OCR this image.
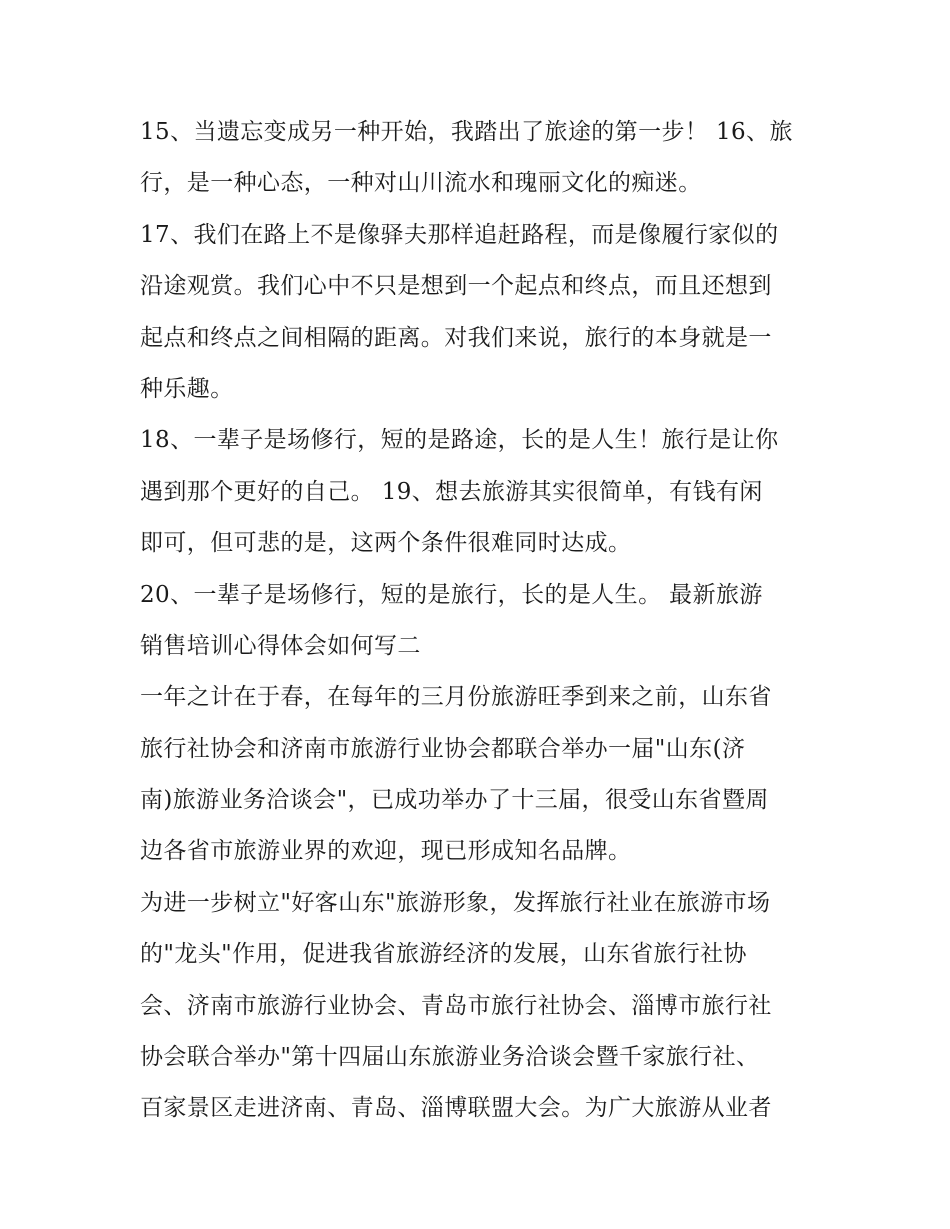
15、当遗忘变成另一种开始，我踏出了旅途的第一步！ 16、旅
行，是一种心态，一种对山川流水和瑰丽文化的痴迷。
17、我们在路上不是像驿夫那样追赶路程，而是像履行家似的
沿途观赏。我们心中不只是想到一个起点和终点，而且还想到
起点和终点之间相隔的距离。对我们来说，旅行的本身就是一
种乐趣。
18、一辈子是场修行，短的是路途，长的是人生！旅行是让你
遇到那个更好的自己。 19、想去旅游其实很简单，有钱有闲
即可，但可悲的是，这两个条件很难同时达成。
20、一辈子是场修行，短的是旅行，长的是人生。 最新旅游
销售培训心得体会如何写二
一年之计在于春，在每年的三月份旅游旺季到来之前，山东省
旅行社协会和济南市旅游行业协会都联合举办一届"山东(济
南)旅游业务洽谈会"，已成功举办了十三届，很受山东省暨周
边各省市旅游业界的欢迎，现已形成知名品牌。
为进一步树立"好客山东"旅游形象，发挥旅行社业在旅游市场
的"龙头"作用，促进我省旅游经济的发展，山东省旅行社协
会、济南市旅游行业协会、青岛市旅行社协会、淄博市旅行社
协会联合举办"第十四届山东旅游业务洽谈会暨千家旅行社、
百家景区走进济南、青岛、淄博联盟大会。为广大旅游从业者
